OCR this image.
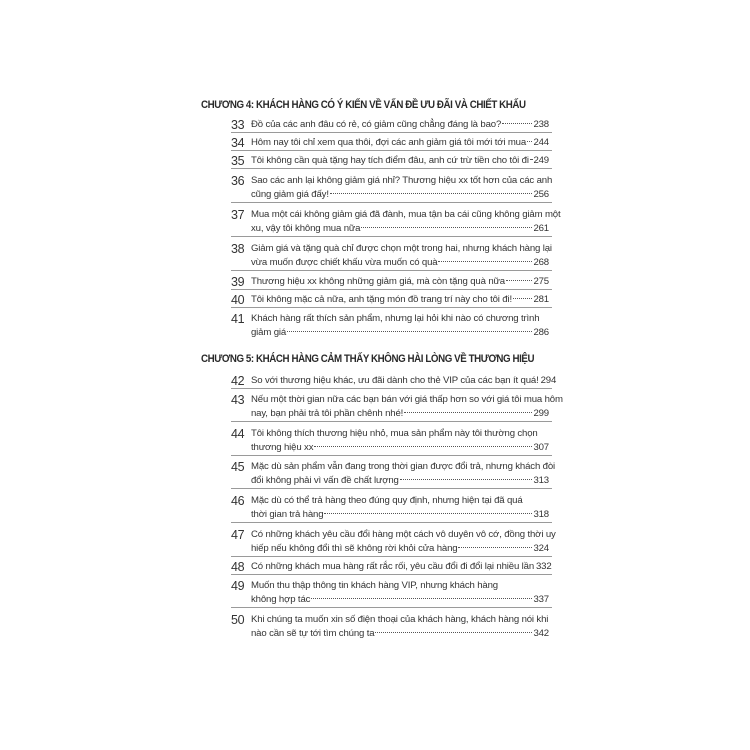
CHƯƠNG 4: KHÁCH HÀNG CÓ Ý KIẾN VỀ VẤN ĐỀ ƯU ĐÃI VÀ CHIẾT KHẤU
33 Đồ của các anh đâu có rẻ, có giảm cũng chẳng đáng là bao?	238
34 Hôm nay tôi chỉ xem qua thôi, đợi các anh giảm giá tôi mới tới mua 244
35 Tôi không cần quà tặng hay tích điểm đâu, anh cứ trừ tiền cho tôi đi 249
36 Sao các anh lại không giảm giá nhỉ? Thương hiệu xx tốt hơn của các anh
cũng giảm giá đấy!	256
37 Mua một cái không giảm giá đã đành, mua tận ba cái cũng không giảm một
xu, vậy tôi không mua nữa	261
38 Giảm giá và tặng quà chỉ được chọn một trong hai, nhưng khách hàng lại
vừa muốn được chiết khấu vừa muốn có quà	268
39 Thương hiệu xx không những giảm giá, mà còn tặng quà nữa	275
40 Tôi không mặc cả nữa, anh tặng món đồ trang trí này cho tôi đi! 281
41 Khách hàng rất thích sản phẩm, nhưng lại hỏi khi nào có chương trình
giảm giá	286
CHƯƠNG 5: KHÁCH HÀNG CẢM THẤY KHÔNG HÀI LÒNG VỀ THƯƠNG HIỆU
42 So với thương hiệu khác, ưu đãi dành cho thẻ VIP của các bạn ít quá! 294
43 Nếu một thời gian nữa các bạn bán với giá thấp hơn so với giá tôi mua hôm
nay, bạn phải trả tôi phần chênh nhé!	299
44 Tôi không thích thương hiệu nhỏ, mua sản phẩm này tôi thường chọn
thương hiệu xx	307
45 Mặc dù sản phẩm vẫn đang trong thời gian được đổi trả, nhưng khách đòi
đổi không phải vì vấn đề chất lượng	313
46 Mặc dù có thể trả hàng theo đúng quy định, nhưng hiện tại đã quá
thời gian trả hàng	318
47 Có những khách yêu cầu đổi hàng một cách vô duyên vô cớ, đồng thời uy
hiếp nếu không đổi thì sẽ không rời khỏi cửa hàng	324
48 Có những khách mua hàng rất rắc rối, yêu cầu đổi đi đổi lại nhiều lần 332
49 Muốn thu thập thông tin khách hàng VIP, nhưng khách hàng
không hợp tác	337
50 Khi chúng ta muốn xin số điện thoại của khách hàng, khách hàng nói khi
nào cần sẽ tự tới tìm chúng ta	342
